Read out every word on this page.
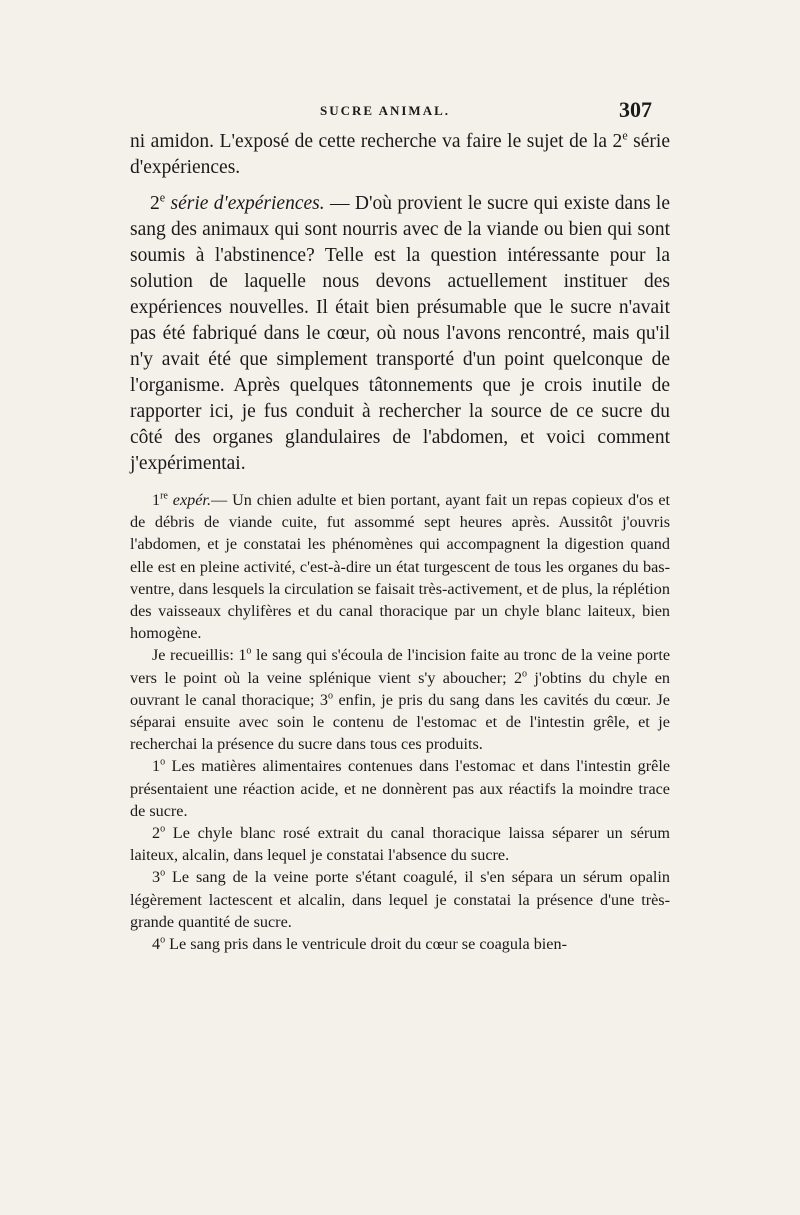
SUCRE ANIMAL.	307

ni amidon. L'exposé de cette recherche va faire le sujet de la 2e série d'expériences.

2e série d'expériences. — D'où provient le sucre qui existe dans le sang des animaux qui sont nourris avec de la viande ou bien qui sont soumis à l'abstinence? Telle est la question intéressante pour la solution de laquelle nous devons actuellement instituer des expériences nouvelles. Il était bien présumable que le sucre n'avait pas été fabriqué dans le cœur, où nous l'avons rencontré, mais qu'il n'y avait été que simplement transporté d'un point quelconque de l'organisme. Après quelques tâtonnements que je crois inutile de rapporter ici, je fus conduit à rechercher la source de ce sucre du côté des organes glandulaires de l'abdomen, et voici comment j'expérimentai.

1re expér.— Un chien adulte et bien portant, ayant fait un repas copieux d'os et de débris de viande cuite, fut assommé sept heures après. Aussitôt j'ouvris l'abdomen, et je constatai les phénomènes qui accompagnent la digestion quand elle est en pleine activité, c'est-à-dire un état turgescent de tous les organes du bas-ventre, dans lesquels la circulation se faisait très-activement, et de plus, la réplétion des vaisseaux chylifères et du canal thoracique par un chyle blanc laiteux, bien homogène.

Je recueillis: 1$^o$ le sang qui s'écoula de l'incision faite au tronc de la veine porte vers le point où la veine splénique vient s'y aboucher; 2$^o$ j'obtins du chyle en ouvrant le canal thoracique; 3$^o$ enfin, je pris du sang dans les cavités du cœur. Je séparai ensuite avec soin le contenu de l'estomac et de l'intestin grêle, et je recherchai la présence du sucre dans tous ces produits.

1$^o$ Les matières alimentaires contenues dans l'estomac et dans l'intestin grêle présentaient une réaction acide, et ne donnèrent pas aux réactifs la moindre trace de sucre.

2$^o$ Le chyle blanc rosé extrait du canal thoracique laissa séparer un sérum laiteux, alcalin, dans lequel je constatai l'absence du sucre.

3$^o$ Le sang de la veine porte s'étant coagulé, il s'en sépara un sérum opalin légèrement lactescent et alcalin, dans lequel je constatai la présence d'une très-grande quantité de sucre.

4$^o$ Le sang pris dans le ventricule droit du cœur se coagula bien-
